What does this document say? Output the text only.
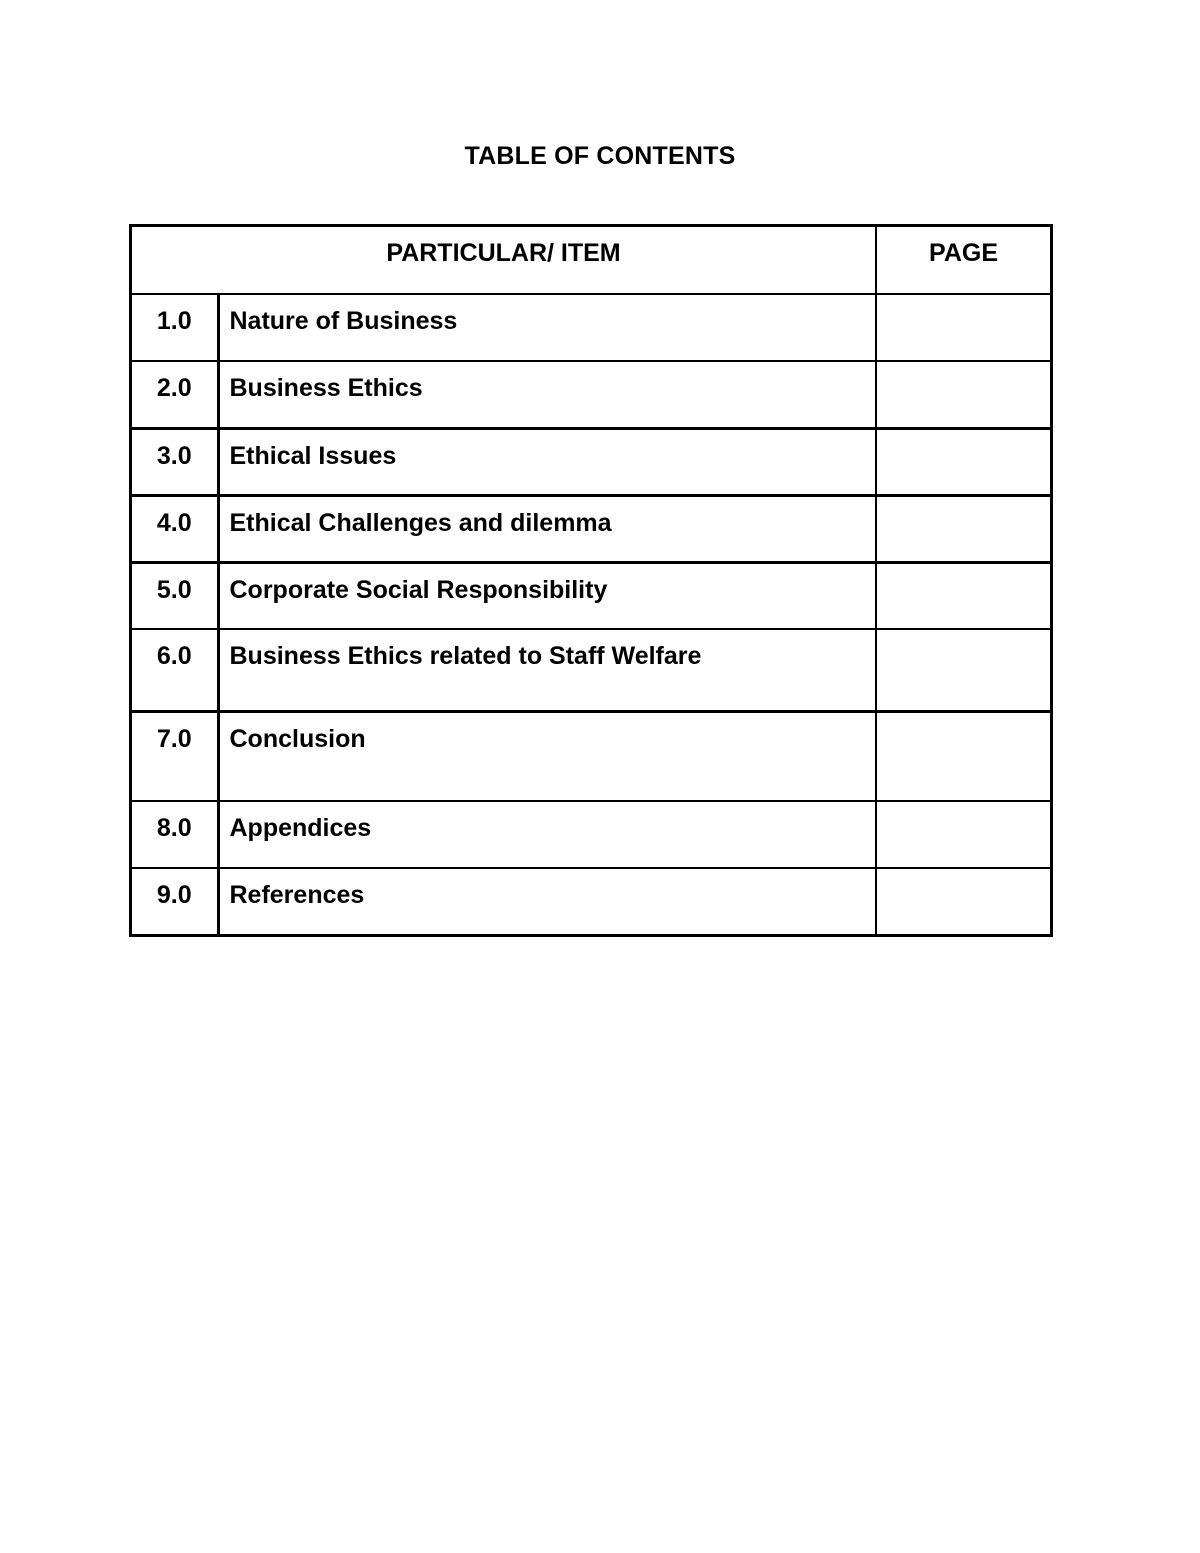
TABLE OF CONTENTS
PARTICULAR/ ITEM		PAGE
1.0	Nature of Business	
2.0	Business Ethics	
3.0	Ethical Issues	
4.0	Ethical Challenges and dilemma	
5.0	Corporate Social Responsibility	
6.0	Business Ethics related to Staff Welfare	
7.0	Conclusion	
8.0	Appendices	
9.0	References	
